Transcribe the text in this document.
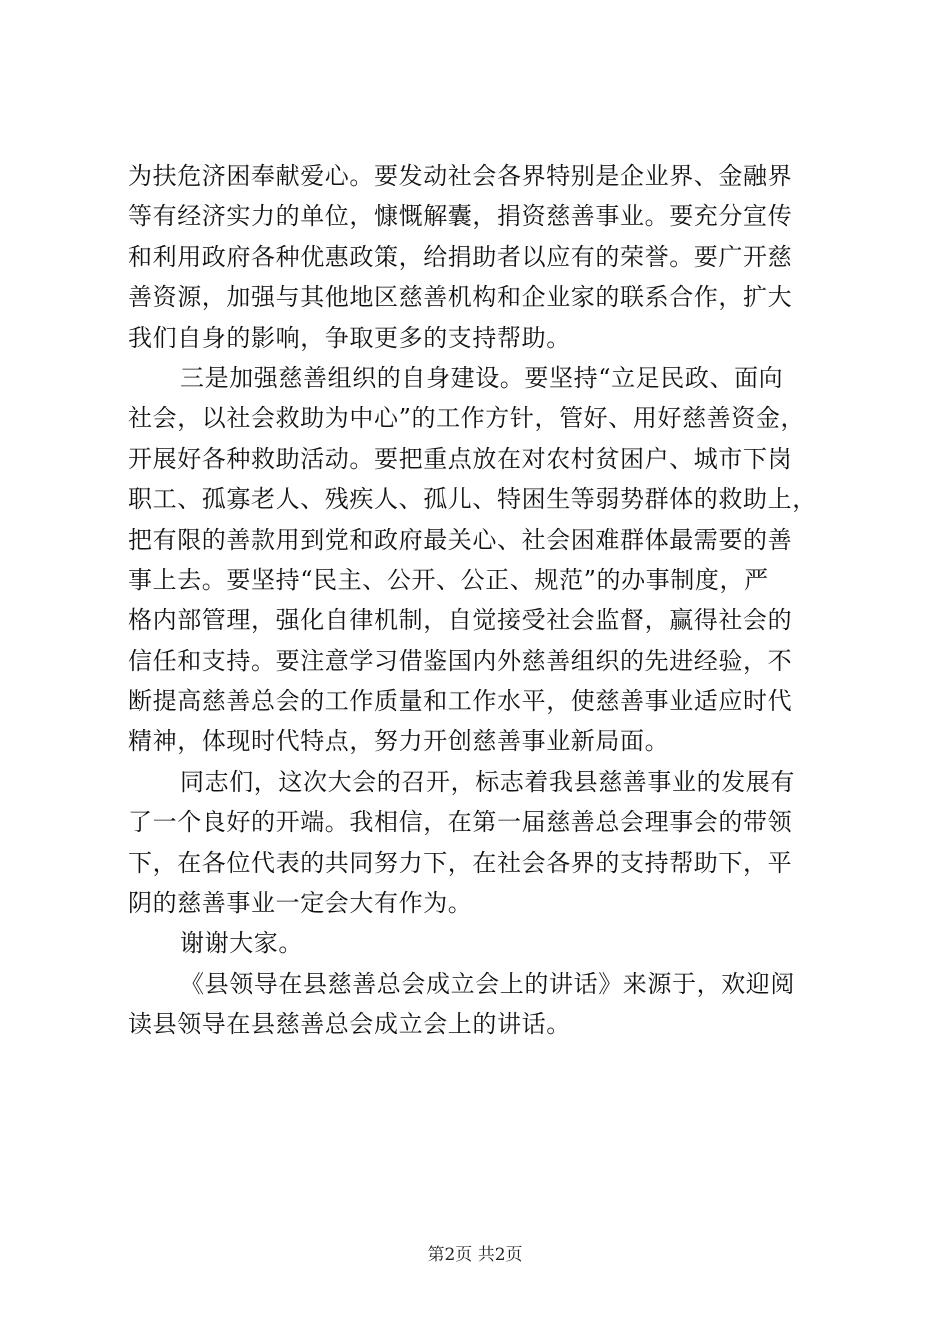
为扶危济困奉献爱心。要发动社会各界特别是企业界、金融界
等有经济实力的单位，慷慨解囊，捐资慈善事业。要充分宣传
和利用政府各种优惠政策，给捐助者以应有的荣誉。要广开慈
善资源，加强与其他地区慈善机构和企业家的联系合作，扩大
我们自身的影响，争取更多的支持帮助。
三是加强慈善组织的自身建设。要坚持“立足民政、面向
社会，以社会救助为中心”的工作方针，管好、用好慈善资金，
开展好各种救助活动。要把重点放在对农村贫困户、城市下岗
职工、孤寡老人、残疾人、孤儿、特困生等弱势群体的救助上，
把有限的善款用到党和政府最关心、社会困难群体最需要的善
事上去。要坚持“民主、公开、公正、规范”的办事制度，严
格内部管理，强化自律机制，自觉接受社会监督，赢得社会的
信任和支持。要注意学习借鉴国内外慈善组织的先进经验，不
断提高慈善总会的工作质量和工作水平，使慈善事业适应时代
精神，体现时代特点，努力开创慈善事业新局面。
同志们，这次大会的召开，标志着我县慈善事业的发展有
了一个良好的开端。我相信，在第一届慈善总会理事会的带领
下，在各位代表的共同努力下，在社会各界的支持帮助下，平
阴的慈善事业一定会大有作为。
谢谢大家。
《县领导在县慈善总会成立会上的讲话》来源于，欢迎阅
读县领导在县慈善总会成立会上的讲话。
第2页 共2页
